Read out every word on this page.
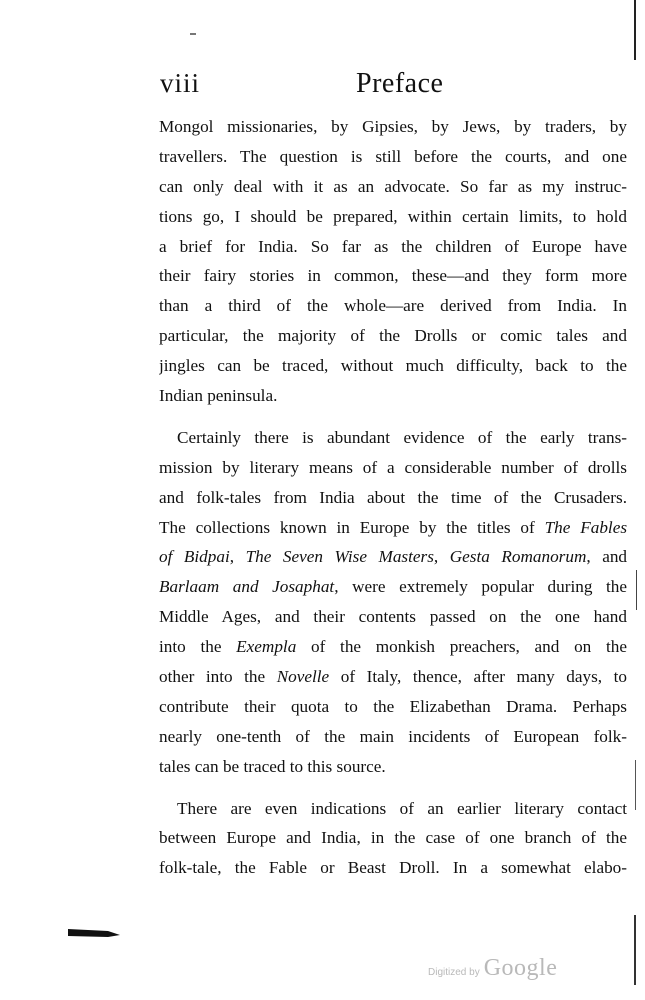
viii	Preface

Mongol missionaries, by Gipsies, by Jews, by traders, by
travellers. The question is still before the courts, and one
can only deal with it as an advocate. So far as my instruc-
tions go, I should be prepared, within certain limits, to hold
a brief for India. So far as the children of Europe have
their fairy stories in common, these—and they form more
than a third of the whole—are derived from India. In
particular, the majority of the Drolls or comic tales and
jingles can be traced, without much difficulty, back to the
Indian peninsula.

Certainly there is abundant evidence of the early trans-
mission by literary means of a considerable number of drolls
and folk-tales from India about the time of the Crusaders.
The collections known in Europe by the titles of The Fables
of Bidpai, The Seven Wise Masters, Gesta Romanorum, and
Barlaam and Josaphat, were extremely popular during the
Middle Ages, and their contents passed on the one hand
into the Exempla of the monkish preachers, and on the
other into the Novelle of Italy, thence, after many days, to
contribute their quota to the Elizabethan Drama. Perhaps
nearly one-tenth of the main incidents of European folk-
tales can be traced to this source.

There are even indications of an earlier literary contact
between Europe and India, in the case of one branch of the
folk-tale, the Fable or Beast Droll. In a somewhat elabo-

Digitized by Google
